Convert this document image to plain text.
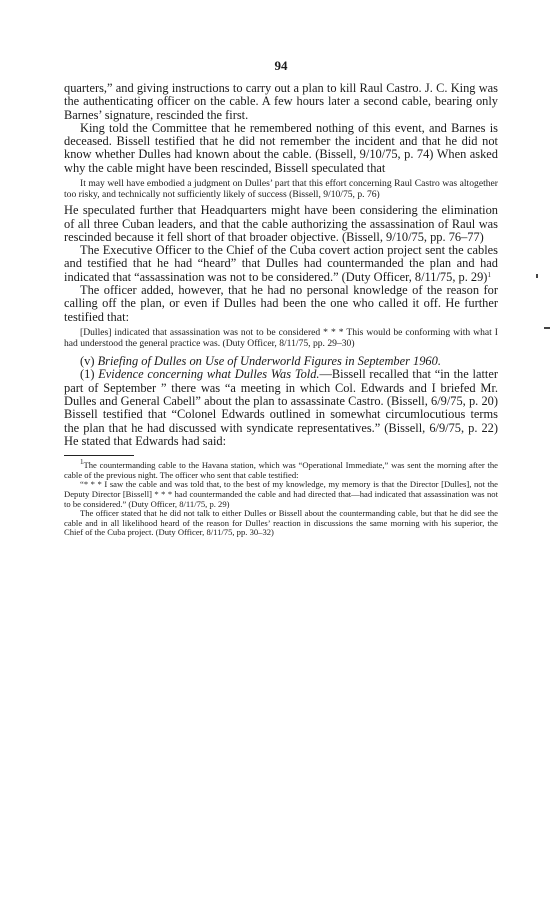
94

quarters,” and giving instructions to carry out a plan to kill Raul Castro. J. C. King was the authenticating officer on the cable. A few hours later a second cable, bearing only Barnes’ signature, rescinded the first.

King told the Committee that he remembered nothing of this event, and Barnes is deceased. Bissell testified that he did not remember the incident and that he did not know whether Dulles had known about the cable. (Bissell, 9/10/75, p. 74) When asked why the cable might have been rescinded, Bissell speculated that

It may well have embodied a judgment on Dulles’ part that this effort concerning Raul Castro was altogether too risky, and technically not sufficiently likely of success (Bissell, 9/10/75, p. 76)

He speculated further that Headquarters might have been considering the elimination of all three Cuban leaders, and that the cable authorizing the assassination of Raul was rescinded because it fell short of that broader objective. (Bissell, 9/10/75, pp. 76–77)

The Executive Officer to the Chief of the Cuba covert action project sent the cables and testified that he had “heard” that Dulles had countermanded the plan and had indicated that “assassination was not to be considered.” (Duty Officer, 8/11/75, p. 29)$^1$

The officer added, however, that he had no personal knowledge of the reason for calling off the plan, or even if Dulles had been the one who called it off. He further testified that:

[Dulles] indicated that assassination was not to be considered * * * This would be conforming with what I had understood the general practice was. (Duty Officer, 8/11/75, pp. 29–30)

(v) Briefing of Dulles on Use of Underworld Figures in September 1960.

(1) Evidence concerning what Dulles Was Told.—Bissell recalled that “in the latter part of September ” there was “a meeting in which Col. Edwards and I briefed Mr. Dulles and General Cabell” about the plan to assassinate Castro. (Bissell, 6/9/75, p. 20) Bissell testified that “Colonel Edwards outlined in somewhat circumlocutious terms the plan that he had discussed with syndicate representatives.” (Bissell, 6/9/75, p. 22) He stated that Edwards had said:

$^1$The countermanding cable to the Havana station, which was “Operational Immediate,” was sent the morning after the cable of the previous night. The officer who sent that cable testified:

“* * * I saw the cable and was told that, to the best of my knowledge, my memory is that the Director [Dulles], not the Deputy Director [Bissell] * * * had countermanded the cable and had directed that—had indicated that assassination was not to be considered.” (Duty Officer, 8/11/75, p. 29)

The officer stated that he did not talk to either Dulles or Bissell about the countermanding cable, but that he did see the cable and in all likelihood heard of the reason for Dulles’ reaction in discussions the same morning with his superior, the Chief of the Cuba project. (Duty Officer, 8/11/75, pp. 30–32)
